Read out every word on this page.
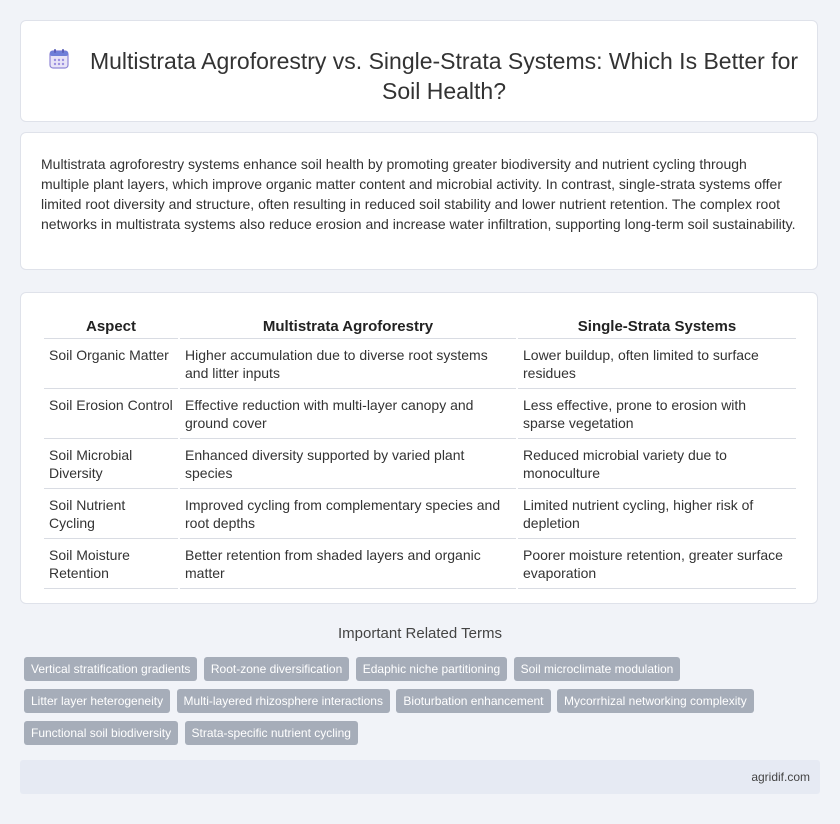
Multistrata Agroforestry vs. Single-Strata Systems: Which Is Better for Soil Health?

Multistrata agroforestry systems enhance soil health by promoting greater biodiversity and nutrient cycling through multiple plant layers, which improve organic matter content and microbial activity. In contrast, single-strata systems offer limited root diversity and structure, often resulting in reduced soil stability and lower nutrient retention. The complex root networks in multistrata systems also reduce erosion and increase water infiltration, supporting long-term soil sustainability.

Aspect	Multistrata Agroforestry	Single-Strata Systems
Soil Organic Matter	Higher accumulation due to diverse root systems and litter inputs	Lower buildup, often limited to surface residues
Soil Erosion Control	Effective reduction with multi-layer canopy and ground cover	Less effective, prone to erosion with sparse vegetation
Soil Microbial Diversity	Enhanced diversity supported by varied plant species	Reduced microbial variety due to monoculture
Soil Nutrient Cycling	Improved cycling from complementary species and root depths	Limited nutrient cycling, higher risk of depletion
Soil Moisture Retention	Better retention from shaded layers and organic matter	Poorer moisture retention, greater surface evaporation

Important Related Terms

Vertical stratification gradients Root-zone diversification Edaphic niche partitioning Soil microclimate modulation Litter layer heterogeneity Multi-layered rhizosphere interactions Bioturbation enhancement Mycorrhizal networking complexity Functional soil biodiversity Strata-specific nutrient cycling
agridif.com
